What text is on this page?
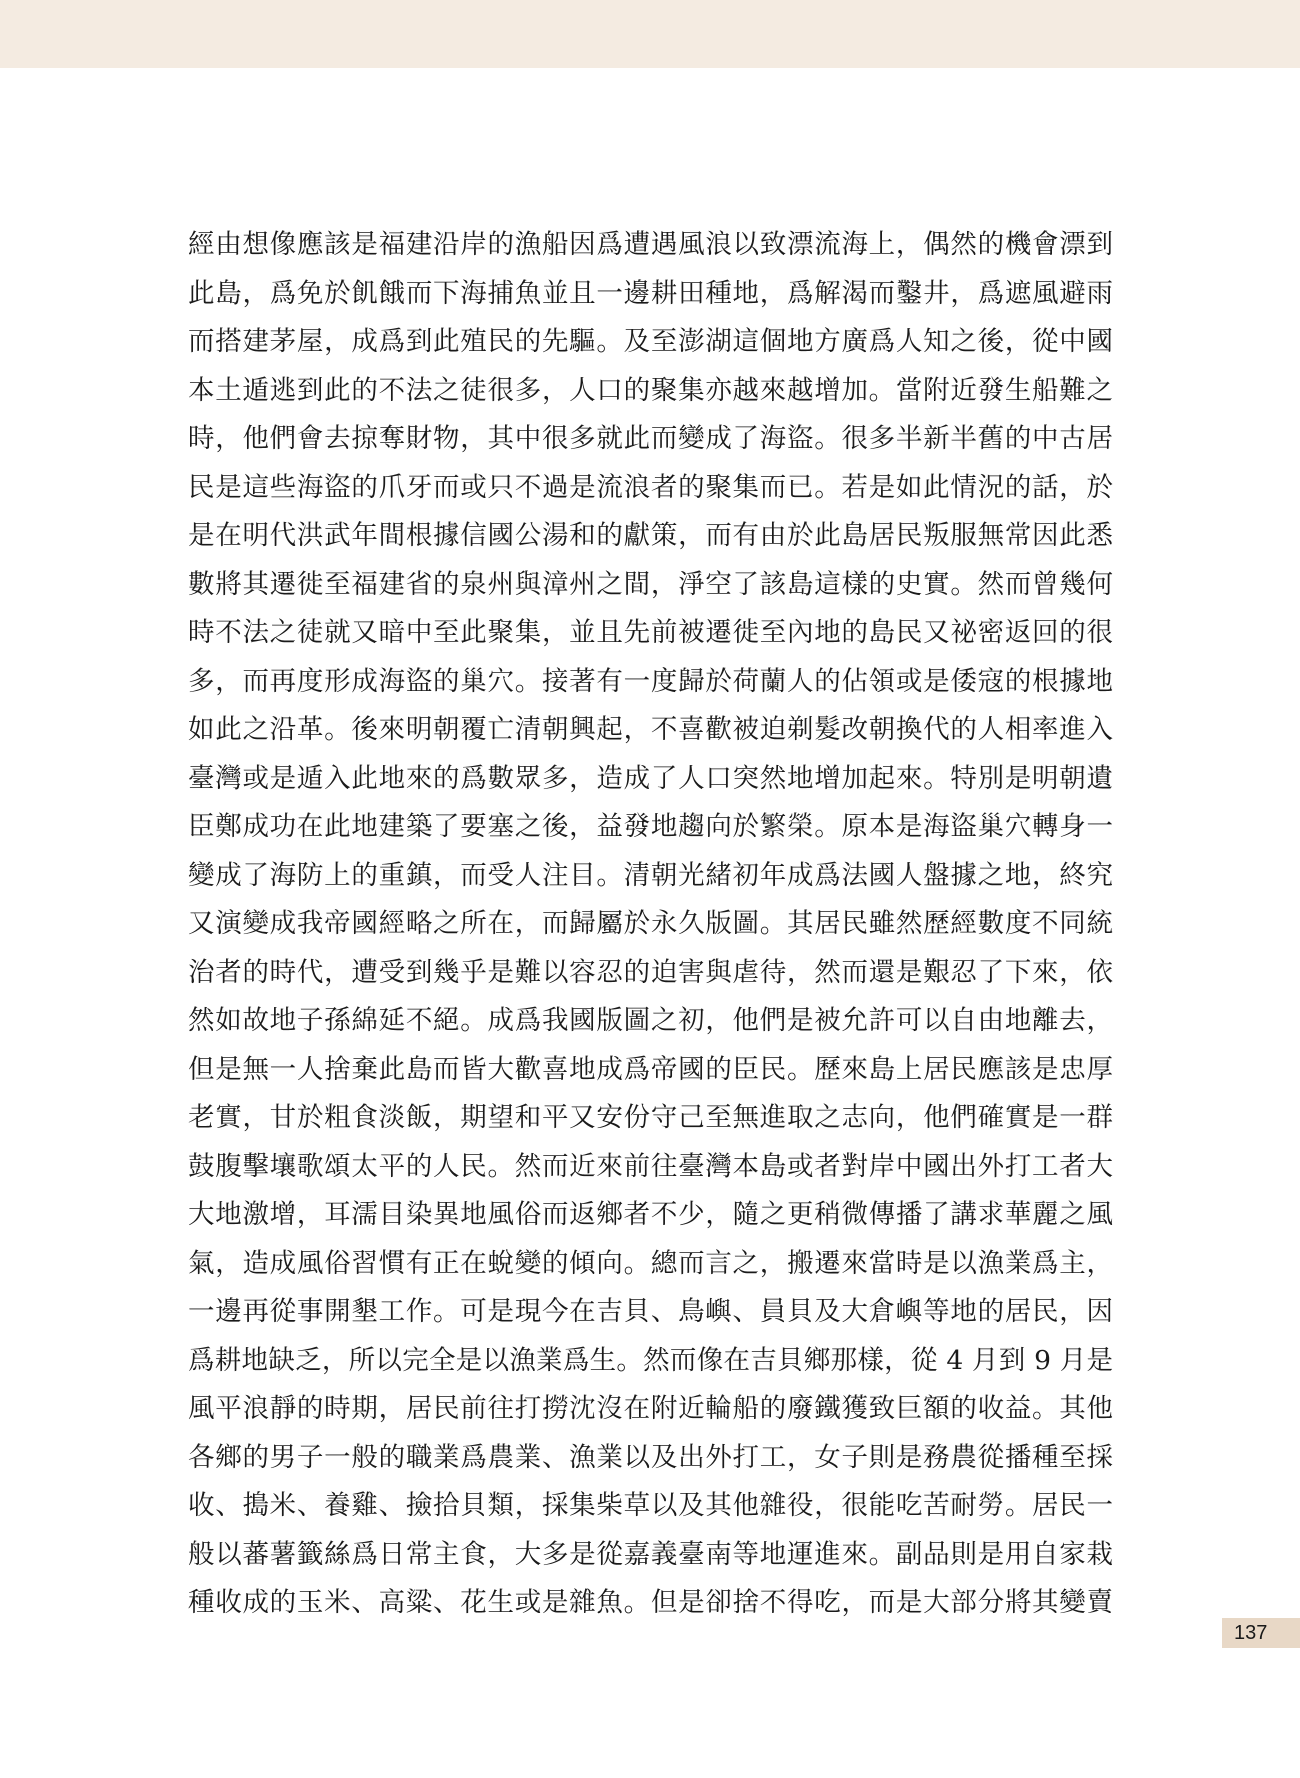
經由想像應該是福建沿岸的漁船因爲遭遇風浪以致漂流海上，偶然的機會漂到
此島，爲免於飢餓而下海捕魚並且一邊耕田種地，爲解渴而鑿井，爲遮風避雨
而搭建茅屋，成爲到此殖民的先驅。及至澎湖這個地方廣爲人知之後，從中國
本土遁逃到此的不法之徒很多，人口的聚集亦越來越增加。當附近發生船難之
時，他們會去掠奪財物，其中很多就此而變成了海盜。很多半新半舊的中古居
民是這些海盜的爪牙而或只不過是流浪者的聚集而已。若是如此情況的話，於
是在明代洪武年間根據信國公湯和的獻策，而有由於此島居民叛服無常因此悉
數將其遷徙至福建省的泉州與漳州之間，淨空了該島這樣的史實。然而曾幾何
時不法之徒就又暗中至此聚集，並且先前被遷徙至內地的島民又祕密返回的很
多，而再度形成海盜的巢穴。接著有一度歸於荷蘭人的佔領或是倭寇的根據地
如此之沿革。後來明朝覆亡清朝興起，不喜歡被迫剃髮改朝換代的人相率進入
臺灣或是遁入此地來的爲數眾多，造成了人口突然地增加起來。特別是明朝遺
臣鄭成功在此地建築了要塞之後，益發地趨向於繁榮。原本是海盜巢穴轉身一
變成了海防上的重鎮，而受人注目。清朝光緒初年成爲法國人盤據之地，終究
又演變成我帝國經略之所在，而歸屬於永久版圖。其居民雖然歷經數度不同統
治者的時代，遭受到幾乎是難以容忍的迫害與虐待，然而還是艱忍了下來，依
然如故地子孫綿延不絕。成爲我國版圖之初，他們是被允許可以自由地離去，
但是無一人捨棄此島而皆大歡喜地成爲帝國的臣民。歷來島上居民應該是忠厚
老實，甘於粗食淡飯，期望和平又安份守己至無進取之志向，他們確實是一群
鼓腹擊壤歌頌太平的人民。然而近來前往臺灣本島或者對岸中國出外打工者大
大地激增，耳濡目染異地風俗而返鄉者不少，隨之更稍微傳播了講求華麗之風
氣，造成風俗習慣有正在蛻變的傾向。總而言之，搬遷來當時是以漁業爲主，
一邊再從事開墾工作。可是現今在吉貝、鳥嶼、員貝及大倉嶼等地的居民，因
爲耕地缺乏，所以完全是以漁業爲生。然而像在吉貝鄉那樣，從 4 月到 9 月是
風平浪靜的時期，居民前往打撈沈沒在附近輪船的廢鐵獲致巨額的收益。其他
各鄉的男子一般的職業爲農業、漁業以及出外打工，女子則是務農從播種至採
收、搗米、養雞、撿拾貝類，採集柴草以及其他雜役，很能吃苦耐勞。居民一
般以蕃薯籤絲爲日常主食，大多是從嘉義臺南等地運進來。副品則是用自家栽
種收成的玉米、高粱、花生或是雜魚。但是卻捨不得吃，而是大部分將其變賣
137
